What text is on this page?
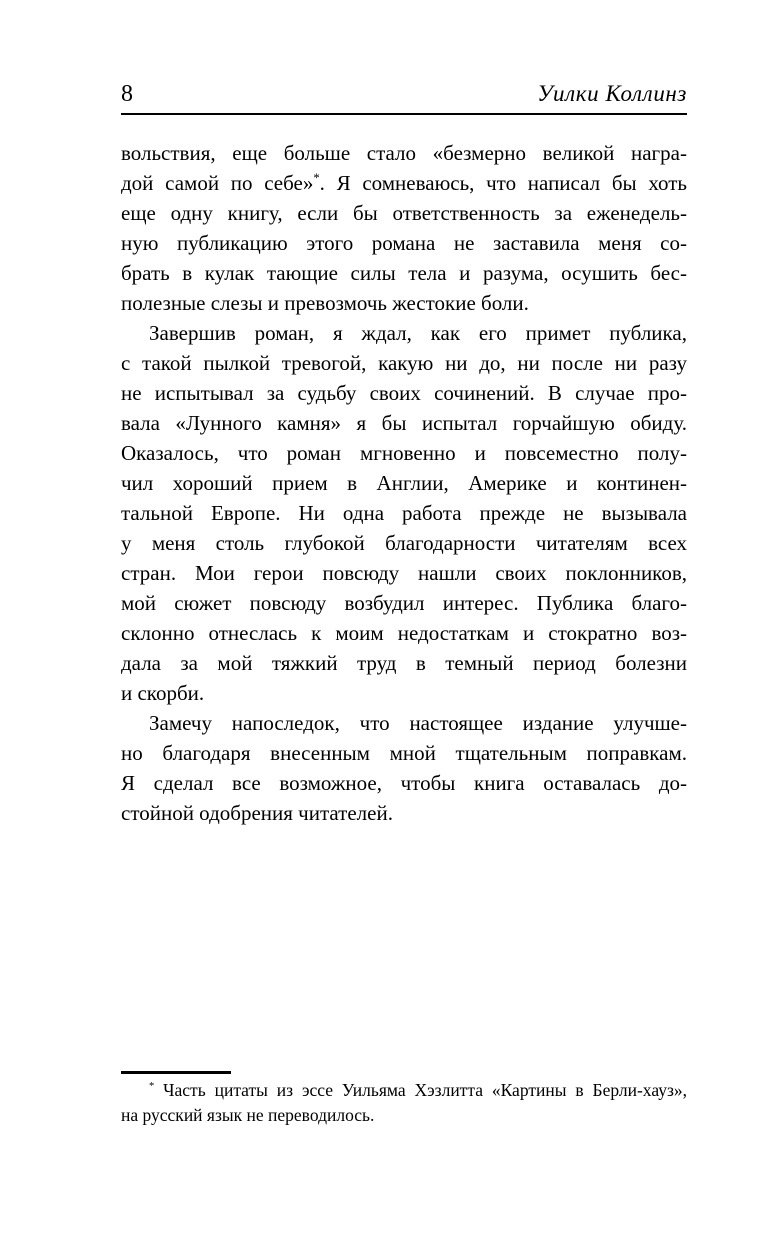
8	Уилки Коллинз
вольствия, еще больше стало «безмерно великой награ-
дой самой по себе»*. Я сомневаюсь, что написал бы хоть
еще одну книгу, если бы ответственность за еженедель-
ную публикацию этого романа не заставила меня со-
брать в кулак тающие силы тела и разума, осушить бес-
полезные слезы и превозмочь жестокие боли.
Завершив роман, я ждал, как его примет публика,
с такой пылкой тревогой, какую ни до, ни после ни разу
не испытывал за судьбу своих сочинений. В случае про-
вала «Лунного камня» я бы испытал горчайшую обиду.
Оказалось, что роман мгновенно и повсеместно полу-
чил хороший прием в Англии, Америке и континен-
тальной Европе. Ни одна работа прежде не вызывала
у меня столь глубокой благодарности читателям всех
стран. Мои герои повсюду нашли своих поклонников,
мой сюжет повсюду возбудил интерес. Публика благо-
склонно отнеслась к моим недостаткам и стократно воз-
дала за мой тяжкий труд в темный период болезни
и скорби.
Замечу напоследок, что настоящее издание улучше-
но благодаря внесенным мной тщательным поправкам.
Я сделал все возможное, чтобы книга оставалась до-
стойной одобрения читателей.
* Часть цитаты из эссе Уильяма Хэзлитта «Картины в Берли-хауз»,
на русский язык не переводилось.
